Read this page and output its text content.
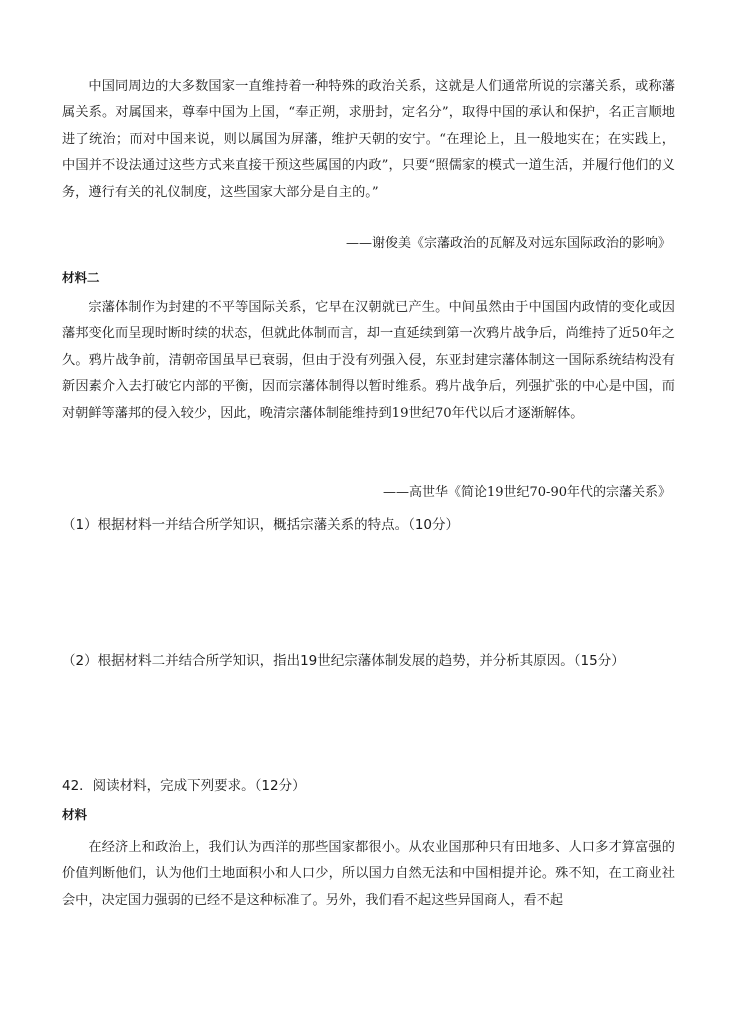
中国同周边的大多数国家一直维持着一种特殊的政治关系，这就是人们通常所说的宗藩关系，或称藩属关系。对属国来，尊奉中国为上国，“奉正朔，求册封，定名分”，取得中国的承认和保护，名正言顺地进了统治；而对中国来说，则以属国为屏藩，维护天朝的安宁。“在理论上，且一般地实在；在实践上，中国并不设法通过这些方式来直接干预这些属国的内政”，只要“照儒家的模式一道生活，并履行他们的义务，遵行有关的礼仪制度，这些国家大部分是自主的。”

——谢俊美《宗藩政治的瓦解及对远东国际政治的影响》

材料二

宗藩体制作为封建的不平等国际关系，它早在汉朝就已产生。中间虽然由于中国国内政情的变化或因藩邦变化而呈现时断时续的状态，但就此体制而言，却一直延续到第一次鸦片战争后，尚维持了近50年之久。鸦片战争前，清朝帝国虽早已衰弱，但由于没有列强入侵，东亚封建宗藩体制这一国际系统结构没有新因素介入去打破它内部的平衡，因而宗藩体制得以暂时维系。鸦片战争后，列强扩张的中心是中国，而对朝鲜等藩邦的侵入较少，因此，晚清宗藩体制能维持到19世纪70年代以后才逐渐解体。

——高世华《简论19世纪70-90年代的宗藩关系》

（1）根据材料一并结合所学知识，概括宗藩关系的特点。（10分）

（2）根据材料二并结合所学知识，指出19世纪宗藩体制发展的趋势，并分析其原因。（15分）

42．阅读材料，完成下列要求。（12分）

材料

在经济上和政治上，我们认为西洋的那些国家都很小。从农业国那种只有田地多、人口多才算富强的价值判断他们，认为他们土地面积小和人口少，所以国力自然无法和中国相提并论。殊不知，在工商业社会中，决定国力强弱的已经不是这种标准了。另外，我们看不起这些异国商人，看不起
